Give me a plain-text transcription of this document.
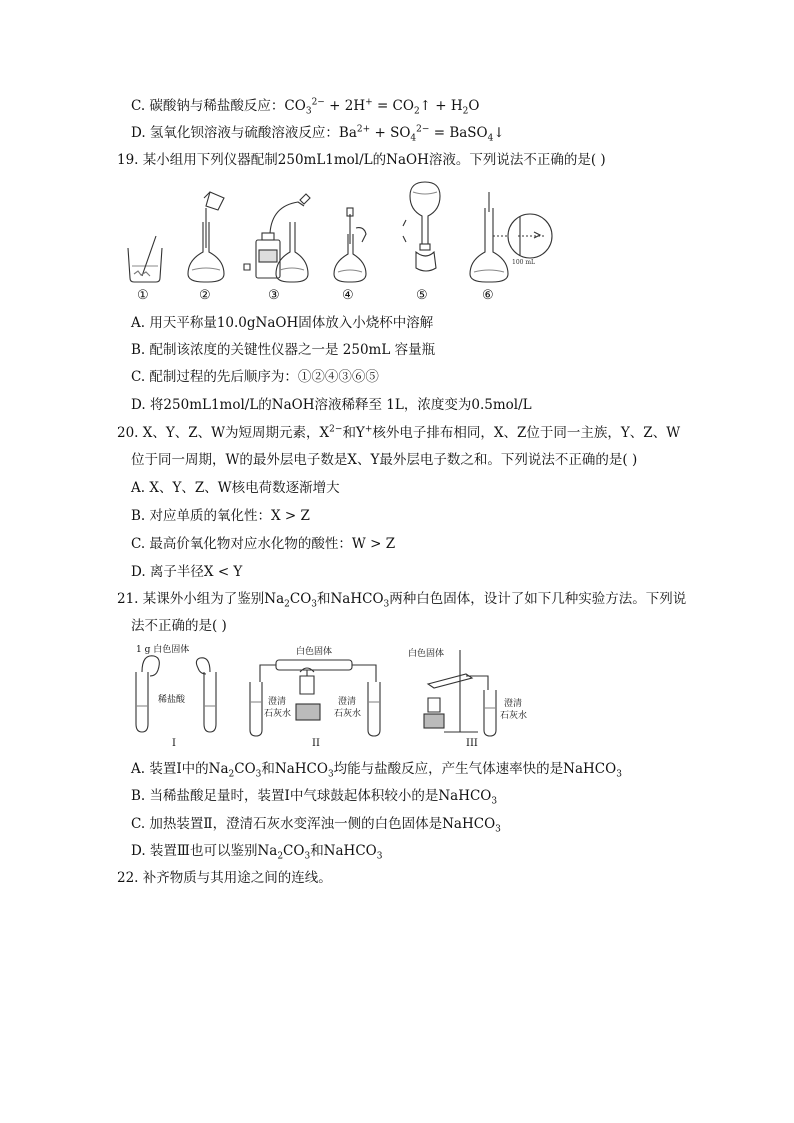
C. 碳酸钠与稀盐酸反应：$CO_3^{2-} + 2H^+$ = $CO_2↑ + H_2O$
D. 氢氧化钡溶液与硫酸溶液反应：$Ba^{2+} + SO_4^{2-}$ = BaSO$_4$↓
19. 某小组用下列仪器配制250mL1mol/L的NaOH溶液。下列说法不正确的是( )
100 mL
①	②	③	④	⑤	⑥
A. 用天平称量10.0gNaOH固体放入小烧杯中溶解
B. 配制该浓度的关键性仪器之一是 250mL 容量瓶
C. 配制过程的先后顺序为：①②④③⑥⑤
D. 将250mL1mol/L的NaOH溶液稀释至 1L，浓度变为0.5mol/L
20. X、Y、Z、W为短周期元素，$X^{2-}$和Y+核外电子排布相同，X、Z位于同一主族，Y、Z、W
位于同一周期，W的最外层电子数是X、Y最外层电子数之和。下列说法不正确的是( )
A. X、Y、Z、W核电荷数逐渐增大
B. 对应单质的氧化性：X > Z
C. 最高价氧化物对应水化物的酸性：W > Z
D. 离子半径X < Y
21. 某课外小组为了鉴别$Na_2CO_3$和NaHCO$_3$两种白色固体，设计了如下几种实验方法。下列说
法不正确的是( )
1 g 白色固体
稀盐酸
白色固体
澄清
石灰水
澄清
石灰水
白色固体
澄清
石灰水
I	II	III
A. 装置Ⅰ中的$Na_2CO_3$和NaHCO$_3$均能与盐酸反应，产生气体速率快的是NaHCO$_3$
B. 当稀盐酸足量时，装置Ⅰ中气球鼓起体积较小的是NaHCO$_3$
C. 加热装置Ⅱ，澄清石灰水变浑浊一侧的白色固体是NaHCO$_3$
D. 装置Ⅲ也可以鉴别$Na_2CO_3$和NaHCO$_3$
22. 补齐物质与其用途之间的连线。
